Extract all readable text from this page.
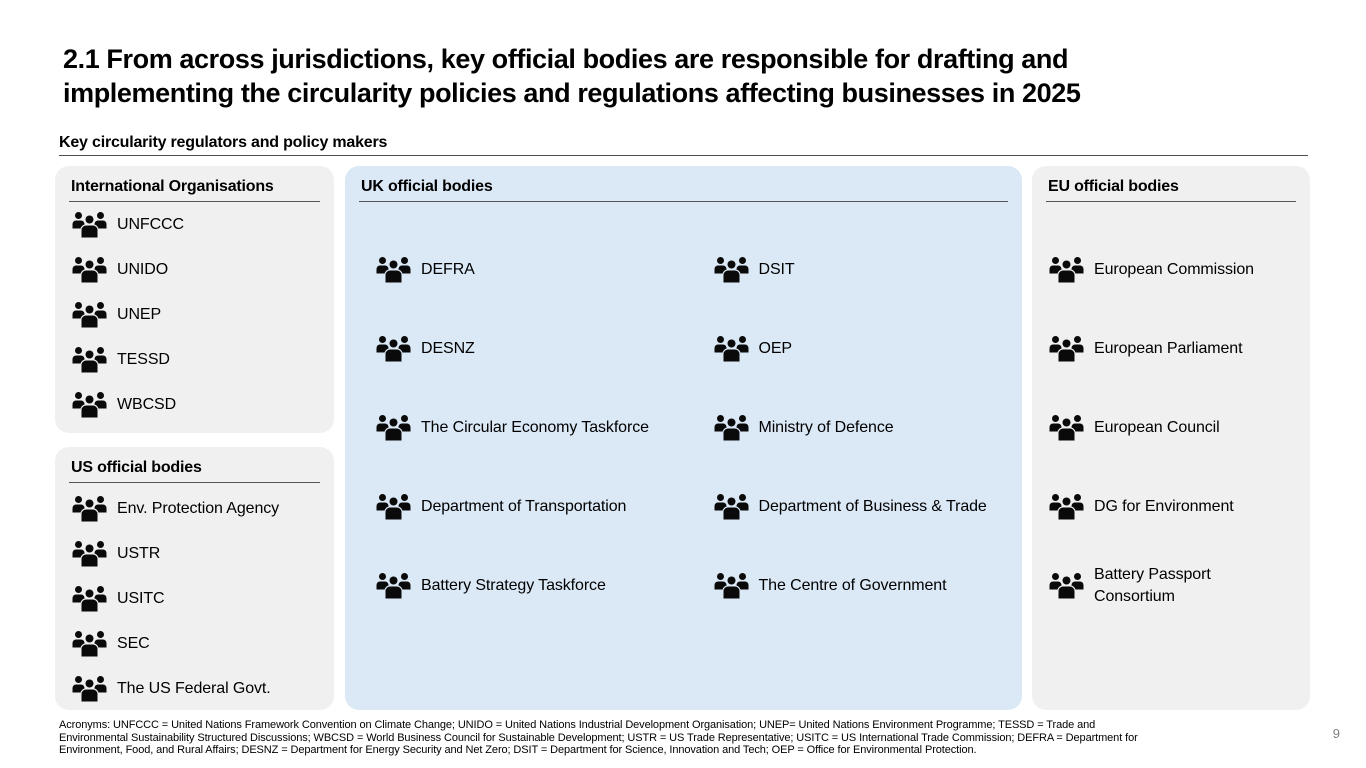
2.1 From across jurisdictions, key official bodies are responsible for drafting and
implementing the circularity policies and regulations affecting businesses in 2025
Key circularity regulators and policy makers
International Organisations
UNFCCC
UNIDO
UNEP
TESSD
WBCSD
US official bodies
Env. Protection Agency
USTR
USITC
SEC
The US Federal Govt.
UK official bodies
DEFRA
DESNZ
The Circular Economy Taskforce
Department of Transportation
Battery Strategy Taskforce
DSIT
OEP
Ministry of Defence
Department of Business & Trade
The Centre of Government
EU official bodies
European Commission
European Parliament
European Council
DG for Environment
Battery Passport Consortium
Acronyms: UNFCCC = United Nations Framework Convention on Climate Change; UNIDO = United Nations Industrial Development Organisation; UNEP= United Nations Environment Programme; TESSD = Trade and
Environmental Sustainability Structured Discussions; WBCSD = World Business Council for Sustainable Development; USTR = US Trade Representative; USITC = US International Trade Commission; DEFRA = Department for
Environment, Food, and Rural Affairs; DESNZ = Department for Energy Security and Net Zero; DSIT = Department for Science, Innovation and Tech; OEP = Office for Environmental Protection.
9
